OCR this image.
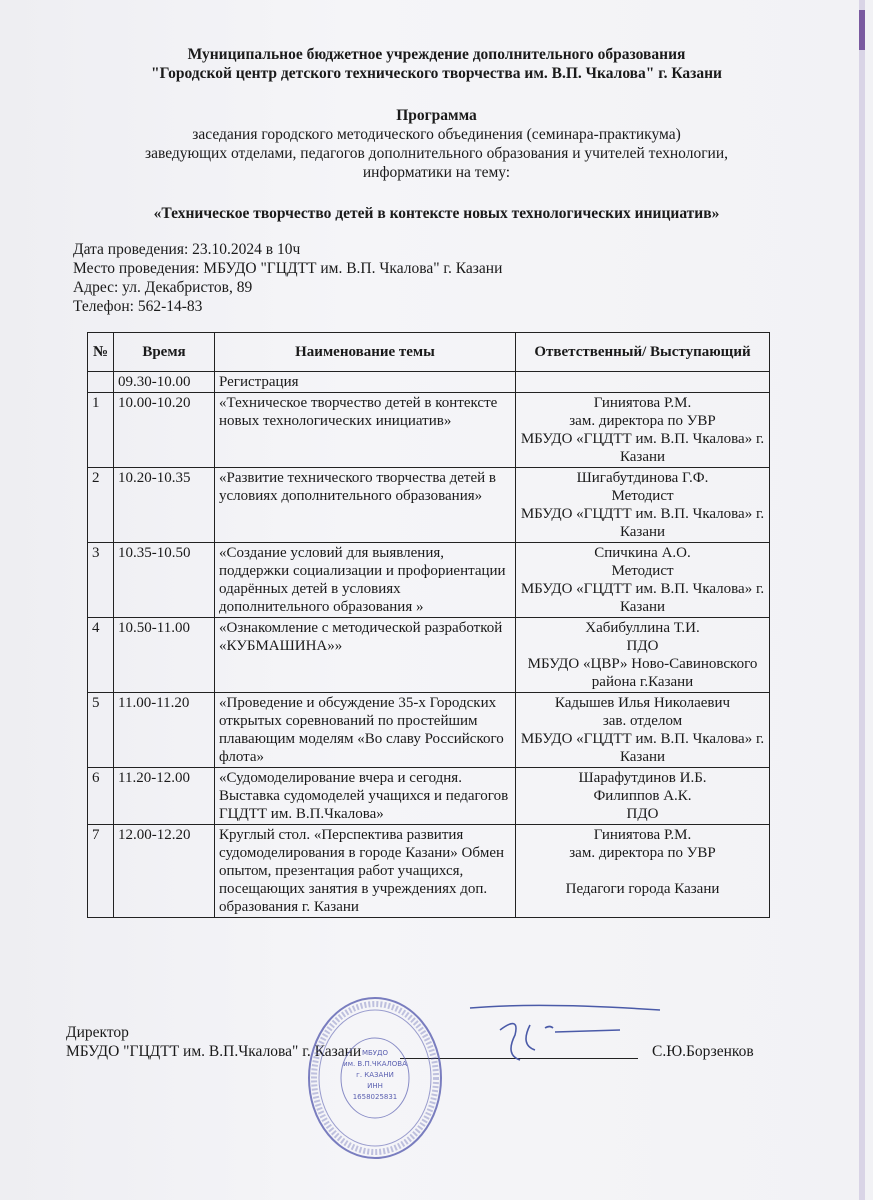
Муниципальное бюджетное учреждение дополнительного образования
"Городской центр детского технического творчества им. В.П. Чкалова" г. Казани
Программа
заседания городского методического объединения (семинара-практикума)
заведующих отделами, педагогов дополнительного образования и учителей технологии,
информатики на тему:
«Техническое творчество детей в контексте новых технологических инициатив»
Дата проведения: 23.10.2024 в 10ч
Место проведения: МБУДО "ГЦДТТ им. В.П. Чкалова" г. Казани
Адрес: ул. Декабристов, 89
Телефон: 562-14-83
№	Время	Наименование темы	Ответственный/ Выступающий
	09.30-10.00	Регистрация	
1	10.00-10.20	«Техническое творчество детей в контексте новых технологических инициатив»	Гиниятова Р.М.
зам. директора по УВР
МБУДО «ГЦДТТ им. В.П. Чкалова» г. Казани

2	10.20-10.35	«Развитие технического творчества детей в условиях дополнительного образования»	Шигабутдинова Г.Ф.
Методист
МБУДО «ГЦДТТ им. В.П. Чкалова» г. Казани

3	10.35-10.50	«Создание условий для выявления, поддержки социализации и профориентации одарённых детей в условиях дополнительного образования »	Спичкина А.О.
Методист
МБУДО «ГЦДТТ им. В.П. Чкалова» г. Казани

4	10.50-11.00	«Ознакомление с методической разработкой «КУБМАШИНА»»	Хабибуллина Т.И.
ПДО
МБУДО «ЦВР» Ново-Савиновского района г.Казани

5	11.00-11.20	«Проведение и обсуждение 35-х Городских открытых соревнований по простейшим плавающим моделям «Во славу Российского флота»	Кадышев Илья Николаевич
зав. отделом
МБУДО «ГЦДТТ им. В.П. Чкалова» г. Казани

6	11.20-12.00	«Судомоделирование вчера и сегодня. Выставка судомоделей учащихся и педагогов ГЦДТТ им. В.П.Чкалова»	Шарафутдинов И.Б.
Филиппов А.К.
ПДО

7	12.00-12.20	Круглый стол. «Перспектива развития судомоделирования в городе Казани» Обмен опытом, презентация работ учащихся, посещающих занятия в учреждениях доп. образования г. Казани	Гиниятова Р.М.
зам. директора по УВР
Педагоги города Казани
Директор
МБУДО "ГЦДТТ им. В.П.Чкалова" г. Казани	С.Ю.Борзенков
МБУДО
им. В.П.ЧКАЛОВА
г. КАЗАНИ
ИНН
1658025831
